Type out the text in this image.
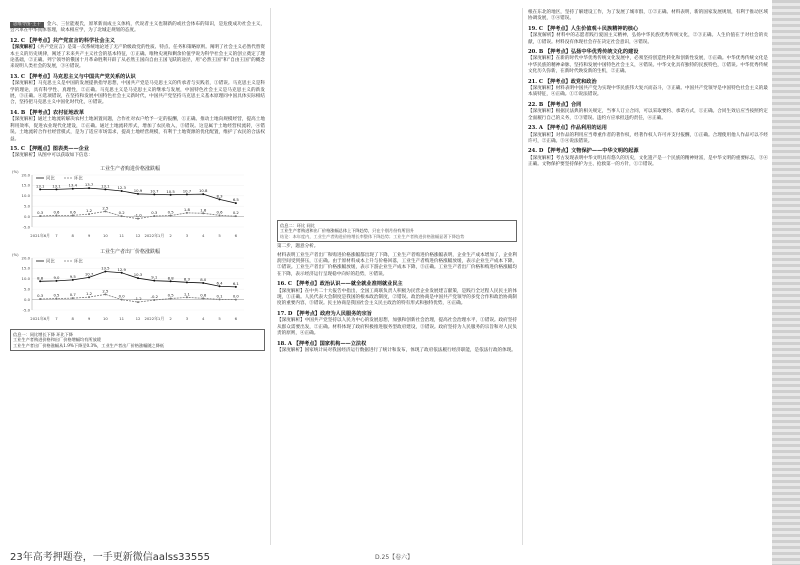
思维导图·主干 金六、三位能观氏，原革新而成主义体构，代说者主义也制新的或社会体布的知识，是危使成功社会主义，会六革在中华真体客理，故本相应学，为了北城走规划的态度。

12. C 【押考点】共产党宣言的科学社会主义

【深度解析】《共产党宣言》是第一次系统地论述了无产阶级政党的性质、特点、任务和策略原则。阐明了社会主义必然代替资本主义的历史规律，阐述了未来共产主义社会的基本特征，①正确。唯物史观和剩余价值学说为科学社会主义的创立奠定了理论基础，②正确。列宁领导的俄国十月革命胜利开辟了从必然王国向自由王国飞跃的途径，用“必然王国”和“自由王国”的概念来说明人类社会的发展，③④错误。

13. C 【押考点】马克思主义与中国共产党关系的认识

【深度解析】马克思主义是中国的发展提供指导思想，中国共产党是马克思主义的传承者与实践者，①错误。马克思主义是科学的理论，具有科学性、真理性，②正确。马克思主义是马克思主义的继承与发展，中国特色社会主义是马克思主义的新发展，③正确。④选项错误，在坚持和发展中国特色社会主义新时代，中国共产党坚持马克思主义基本原理同中国具体实际相结合，坚持把马克思主义中国化时代化，④错误。

14. B 【押考点】农村征地改革

【深度解析】通过土地流转解决农村土地闲置问题，合作社对农户给予一定的报酬，①正确。推动土地向规模经营，提高土地利用效率，促进农业现代化建设，②正确。通过土地流转形式，增加了农民收入，③错误。这是属于土地经营权流转，④错误。土地流转合作社经营模式，是为了适应市场需求，提高土地经营规模，有利于土地资源的优化配置，维护了农民的合法权益。

15. C 【押题点】图表类——企业

【深度解析】从图中可以获取如下信息：

工业生产者购进价格涨跌幅
(%)
同比	环比
-5.0
0.0
5.0
10.0
15.0
20.0
2021年6月 7	8	9	10	11	12 2022年1月 2	3	4	5	6
13.1 13.1 13.4 13.7 13.1 12.3
10.9 10.7 10.5 10.7 10.8
8.3
6.5
0.3	0.6	0.6	1.2
2.5
0.2	-1.0
0.3	0.5
1.8	1.6	0.6	0.2
工业生产者出厂价格涨跌幅
(%)
同比	环比
-5.0
0.0
5.0
10.0
15.0
20.0
2021年6月 7	8	9	10	11	12 2022年1月 2	3	4	5	6
8.8	9.0	9.5 10.7
13.5 12.9
10.3 9.1	8.8	8.3	8.0
6.4	6.1
0.3	0.5	0.7	1.2
2.5
0.0	-1.2 -0.2	0.5	1.1	0.6	0.1	0.0
信息一：同比增长下降 环比下降
工业生产者购进价格和出厂价格增幅均有所放缓
工业生产者出厂价格涨幅从1.9%下降至0.3%，工业生产者出厂价格涨幅随之降低
信息二：环比 同比
工业生产者购进和出厂价格涨幅总体上下降趋势，只在个别月份有所回升
结论：本年度内，工业生产者购进价格增长率整体下降趋势；工业生产者购进价格涨幅显著下降趋势

第二步，题意分析。

材料表明工业生产者出厂和购进价格涨幅都出现了下降，工业生产者购进价格涨幅表明，企业生产成本增加了，企业利润空间受到挤压，①正确。由于原材料成本上升与价格回落，工业生产者购进价格涨幅放缓，表示企业生产成本下降，②错误。工业生产者出厂价格涨幅放缓，表示下游企业生产成本下降，③正确。工业生产者出厂价格和购进价格涨幅均在下降，表示经济运行呈现稳中向好的趋势，④错误。

16. C 【押考点】政治认识——就全就业准则就业民主

【深度解析】在中共二十大报告中指出，全国工商联负责人积极为民营企业发展建言献策，是践行全过程人民民主的体现，①正确。人民代表大会制度是我国的根本政治制度，②错误。政治协商是中国共产党领导的多党合作和政治协商制度的重要内容，③错误。民主协商是我国社会主义民主政治的特有形式和独特优势，④正确。

17. D 【押考点】政府为人民服务的宗旨

【深度解析】中国共产党坚持以人民为中心的发展思想，加强和创新社会治理，提高社会治理水平，①错误。政府坚持从群众需要出发，②正确。材料体现了政府积极推进服务型政府建设，③错误。政府坚持为人民服务的宗旨和对人民负责的原则，④正确。

18. A 【押考点】国家机构——立法权

【深度解析】国家统计局对我国经济运行数据进行了统计和发布，体现了政府依法履行经济职能，是依法行政的体现。

根在东北的地区，坚持了解建设工作，为了发展了城市群，①②正确。材料表明，新的国家发展规划，有利于推动区域协调发展，③④错误。

19. C 【押考点】人生价值观＋民族精神的核心

【深度解析】材料中的志愿者践行爱国主义精神，弘扬中华民族优秀传统文化，②③正确。人生价值在于对社会的贡献，①错误。材料没有体现社会存在决定社会意识，④错误。

20. B 【押考点】弘扬中华优秀传统文化的建设

【深度解析】在新的时代中华优秀传统文化发展中，必须坚持创造性转化和创新性发展，③正确。中华优秀传统文化是中华民族的精神命脉，坚持和发展中国特色社会主义，④错误。中华文化具有独特的民族特色，①错误。中华优秀传统文化历久弥新，在新时代焕发新的生机，②正确。

21. C 【押考点】政党和政治

【深度解析】材料表明中国共产党为实现中华民族伟大复兴而奋斗，③正确。中国共产党领导是中国特色社会主义的最本质特征，④正确。①②说法错误。

22. B 【押考点】合同

【深度解析】根据民法典的相关规定，当事人订立合同，可以采取要约、承诺方式，①正确。合同生效后应当按照约定全面履行自己的义务，②③错误。违约方应承担违约责任，④正确。

23. A 【押考点】作品利用的运用

【深度解析】对作品的利用应当尊重作者的著作权，经著作权人许可并支付报酬，①正确。合理使用他人作品可以不经许可，②正确。③④说法错误。

24. D 【押考点】文物保护——中华文明的起源

【深度解析】考古发现表明中华文明具有悠久的历史，文化遗产是一个民族的精神财富，是中华文明的重要标志，③④正确。文物保护要坚持保护为主、抢救第一的方针，①②错误。

23年高考押题卷，一手更新微信aalss33555	D.25【卷六】
